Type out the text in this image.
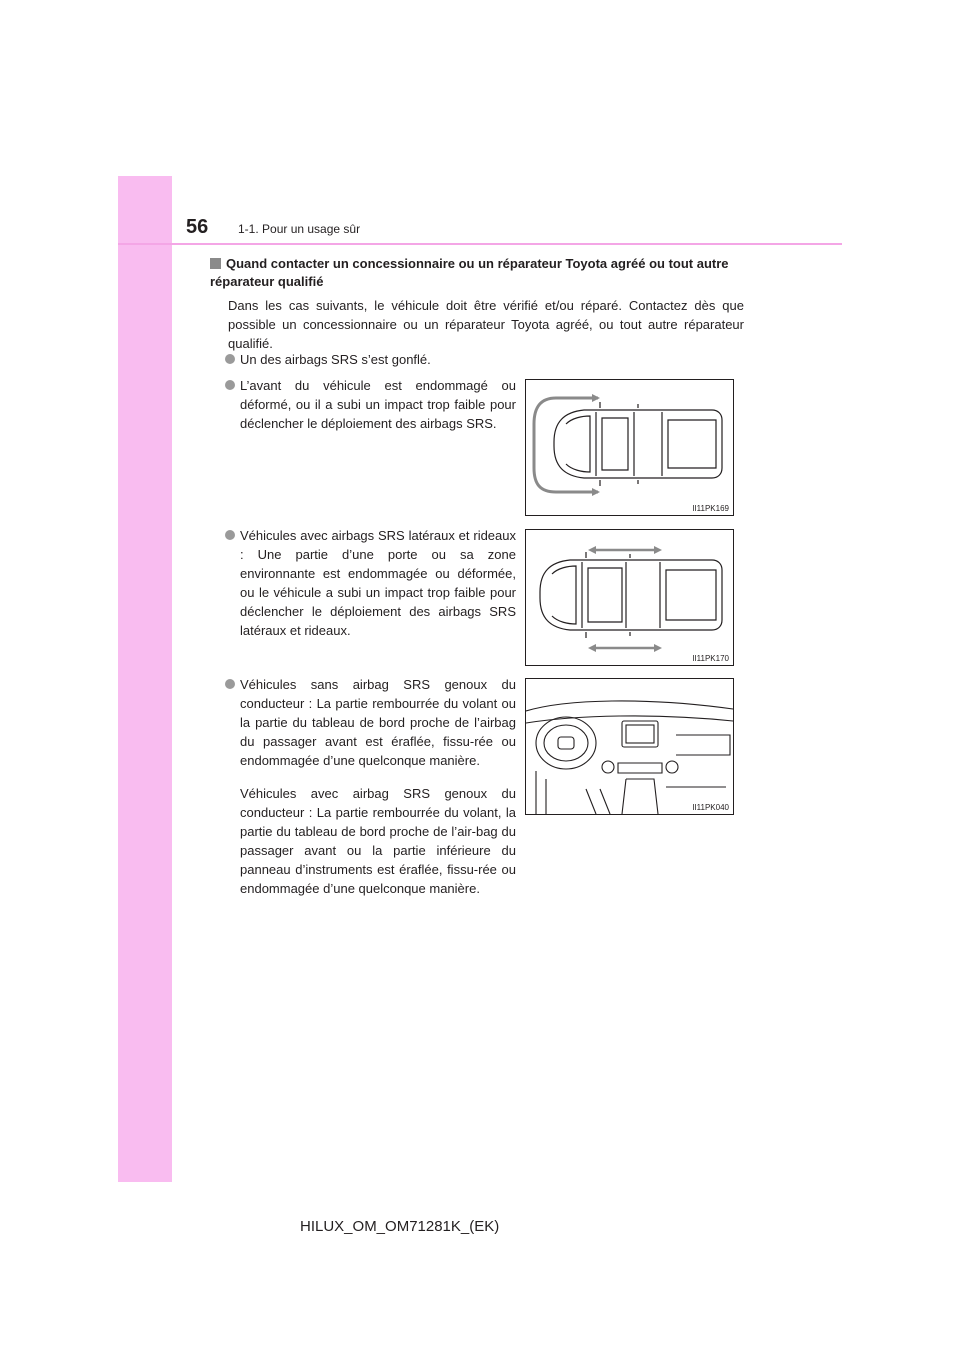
56 1-1. Pour un usage sûr
Quand contacter un concessionnaire ou un réparateur Toyota agréé ou tout autre
réparateur qualifié
Dans les cas suivants, le véhicule doit être vérifié et/ou réparé. Contactez dès que possible un concessionnaire ou un réparateur Toyota agréé, ou tout autre réparateur qualifié.
Un des airbags SRS s’est gonflé.
L’avant du véhicule est endommagé ou déformé, ou il a subi un impact trop faible pour déclencher le déploiement des airbags SRS.
Véhicules avec airbags SRS latéraux et rideaux : Une partie d’une porte ou sa zone environnante est endommagée ou déformée, ou le véhicule a subi un impact trop faible pour déclencher le déploiement des airbags SRS latéraux et rideaux.
Véhicules sans airbag SRS genoux du conducteur : La partie rembourrée du volant ou la partie du tableau de bord proche de l’airbag du passager avant est éraflée, fissu-rée ou endommagée d’une quelconque manière.
Véhicules avec airbag SRS genoux du conducteur : La partie rembourrée du volant, la partie du tableau de bord proche de l’air-bag du passager avant ou la partie inférieure du panneau d’instruments est éraflée, fissu-rée ou endommagée d’une quelconque manière.
II11PK169
II11PK170
II11PK040
HILUX_OM_OM71281K_(EK)
